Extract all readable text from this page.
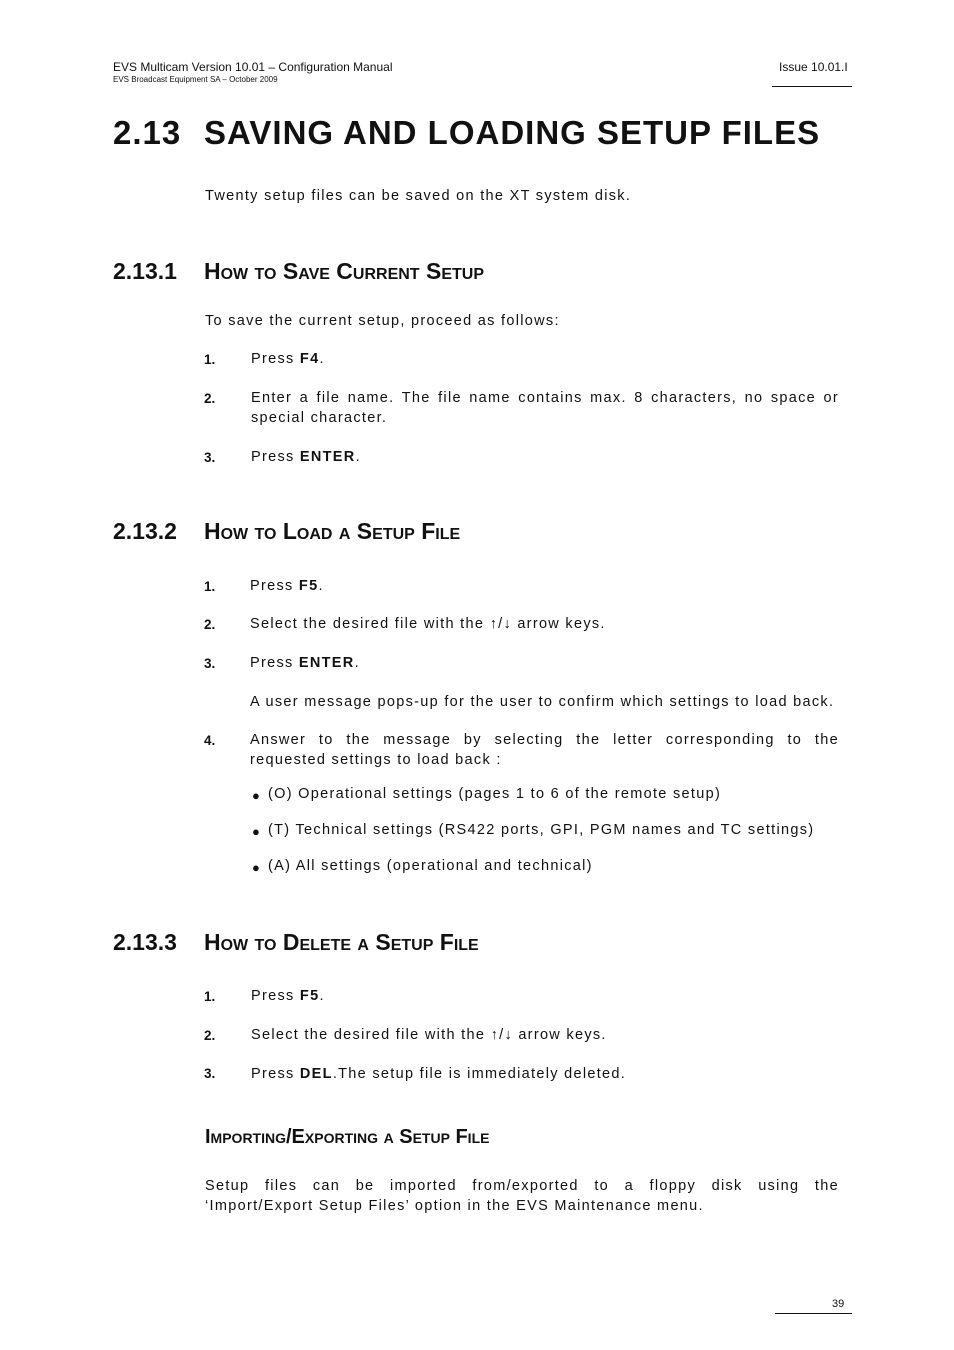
EVS Multicam Version 10.01 – Configuration Manual
EVS Broadcast Equipment SA – October 2009
Issue 10.01.I
2.13 SAVING AND LOADING SETUP FILES
Twenty setup files can be saved on the XT system disk.
2.13.1 How to Save Current Setup
To save the current setup, proceed as follows:
1. Press F4.
2. Enter a file name. The file name contains max. 8 characters, no space or special character.
3. Press ENTER.
2.13.2 How to Load a Setup File
1. Press F5.
2. Select the desired file with the ↑/↓ arrow keys.
3. Press ENTER.
A user message pops-up for the user to confirm which settings to load back.
4. Answer to the message by selecting the letter corresponding to the requested settings to load back :
● (O) Operational settings (pages 1 to 6 of the remote setup)
● (T) Technical settings (RS422 ports, GPI, PGM names and TC settings)
● (A) All settings (operational and technical)
2.13.3 How to Delete a Setup File
1. Press F5.
2. Select the desired file with the ↑/↓ arrow keys.
3. Press DEL.The setup file is immediately deleted.
Importing/Exporting a Setup File
Setup files can be imported from/exported to a floppy disk using the ‘Import/Export Setup Files’ option in the EVS Maintenance menu.
39
